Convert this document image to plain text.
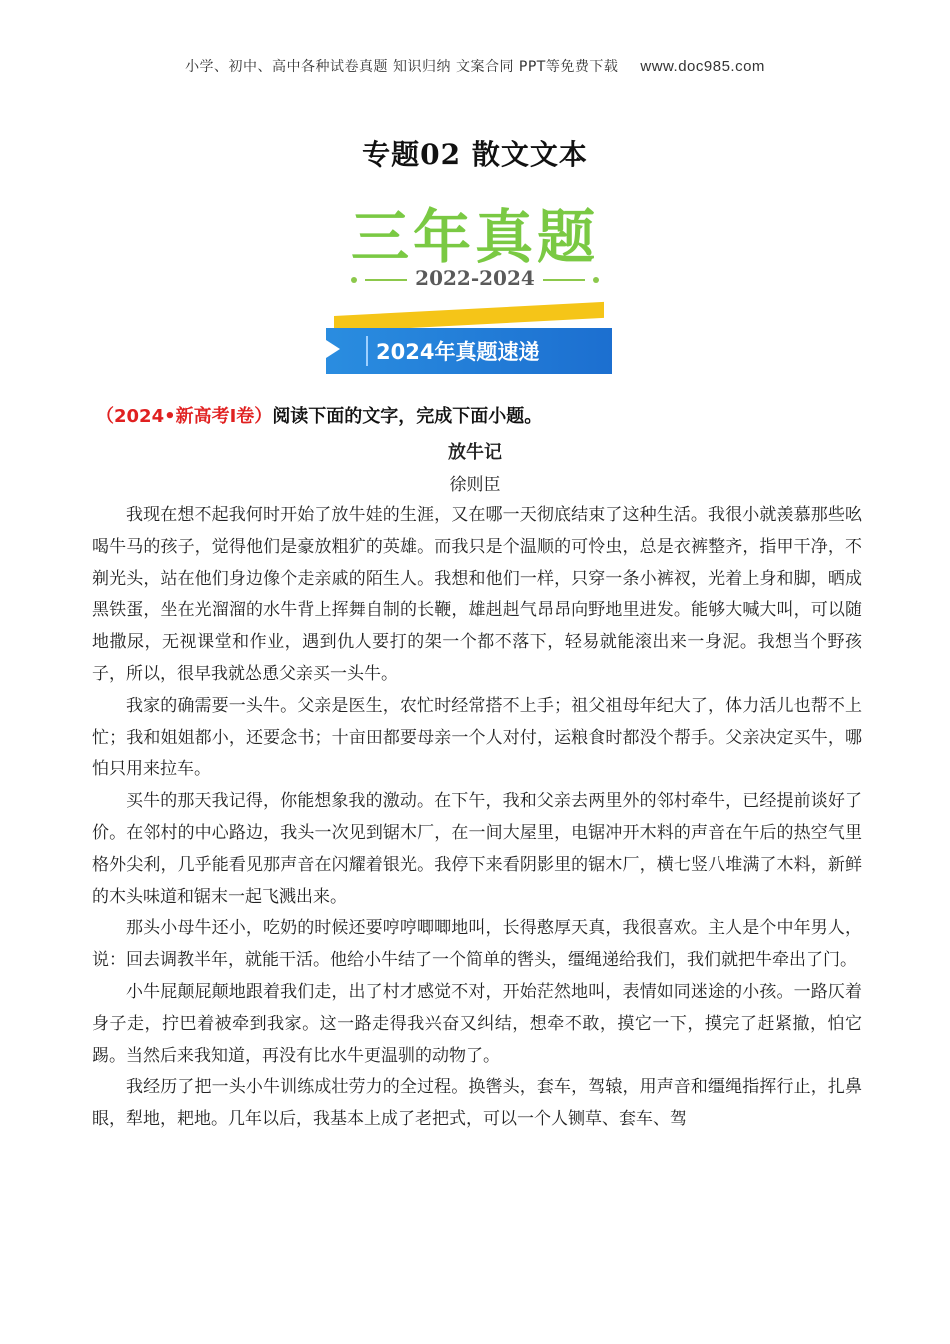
小学、初中、高中各种试卷真题 知识归纳 文案合同 PPT等免费下载 www.doc985.com
专题02 散文文本
三年真题
2022-2024
2024年真题速递
（2024•新高考Ⅰ卷）阅读下面的文字，完成下面小题。
放牛记
徐则臣

我现在想不起我何时开始了放牛娃的生涯，又在哪一天彻底结束了这种生活。我很小就羡慕那些吆喝牛马的孩子，觉得他们是豪放粗犷的英雄。而我只是个温顺的可怜虫，总是衣裤整齐，指甲干净，不剃光头，站在他们身边像个走亲戚的陌生人。我想和他们一样，只穿一条小裤衩，光着上身和脚，晒成黑铁蛋，坐在光溜溜的水牛背上挥舞自制的长鞭，雄赳赳气昂昂向野地里进发。能够大喊大叫，可以随地撒尿，无视课堂和作业，遇到仇人要打的架一个都不落下，轻易就能滚出来一身泥。我想当个野孩子，所以，很早我就怂恿父亲买一头牛。

我家的确需要一头牛。父亲是医生，农忙时经常搭不上手；祖父祖母年纪大了，体力活儿也帮不上忙；我和姐姐都小，还要念书；十亩田都要母亲一个人对付，运粮食时都没个帮手。父亲决定买牛，哪怕只用来拉车。

买牛的那天我记得，你能想象我的激动。在下午，我和父亲去两里外的邻村牵牛，已经提前谈好了价。在邻村的中心路边，我头一次见到锯木厂，在一间大屋里，电锯冲开木料的声音在午后的热空气里格外尖利，几乎能看见那声音在闪耀着银光。我停下来看阴影里的锯木厂，横七竖八堆满了木料，新鲜的木头味道和锯末一起飞溅出来。

那头小母牛还小，吃奶的时候还要哼哼唧唧地叫，长得憨厚天真，我很喜欢。主人是个中年男人，说：回去调教半年，就能干活。他给小牛结了一个简单的辔头，缰绳递给我们，我们就把牛牵出了门。

小牛屁颠屁颠地跟着我们走，出了村才感觉不对，开始茫然地叫，表情如同迷途的小孩。一路仄着身子走，拧巴着被牵到我家。这一路走得我兴奋又纠结，想牵不敢，摸它一下，摸完了赶紧撤，怕它踢。当然后来我知道，再没有比水牛更温驯的动物了。

我经历了把一头小牛训练成壮劳力的全过程。换辔头，套车，驾辕，用声音和缰绳指挥行止，扎鼻眼，犁地，耙地。几年以后，我基本上成了老把式，可以一个人铡草、套车、驾
